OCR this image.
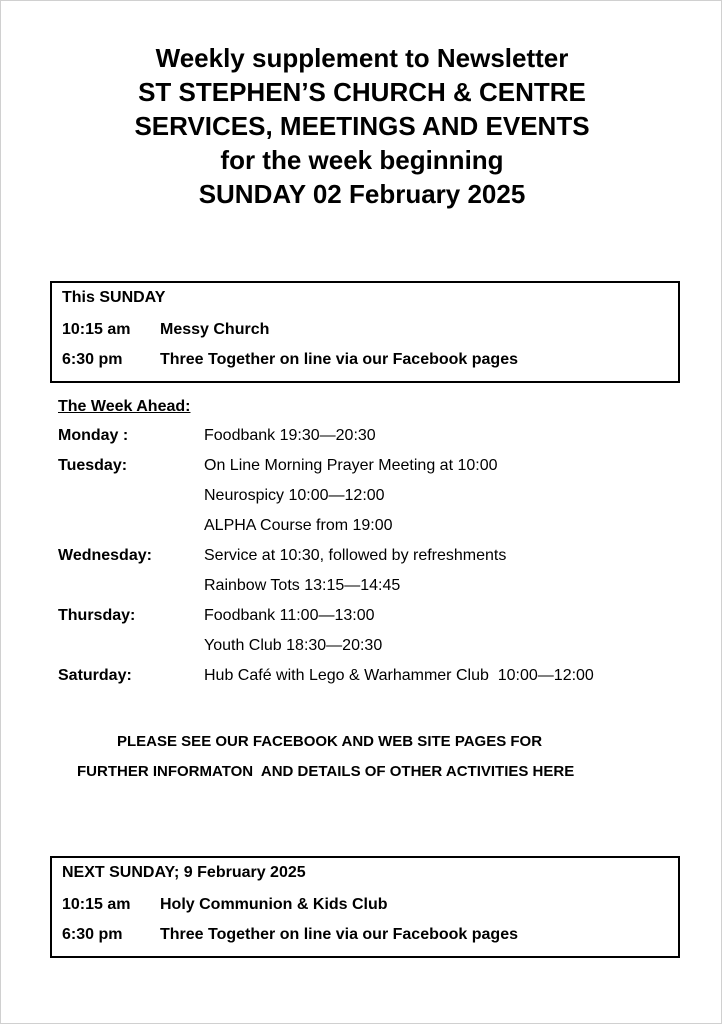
Weekly supplement to Newsletter
ST STEPHEN’S CHURCH & CENTRE
SERVICES, MEETINGS AND EVENTS
for the week beginning
SUNDAY 02 February 2025
This SUNDAY
10:15 am Messy Church
6:30 pm Three Together on line via our Facebook pages
The Week Ahead:
Monday :	Foodbank 19:30—20:30
Tuesday:	On Line Morning Prayer Meeting at 10:00
Neurospicy 10:00—12:00
ALPHA Course from 19:00
Wednesday:	Service at 10:30, followed by refreshments
Rainbow Tots 13:15—14:45
Thursday:	Foodbank 11:00—13:00
Youth Club 18:30—20:30
Saturday:	Hub Café with Lego & Warhammer Club  10:00—12:00
PLEASE SEE OUR FACEBOOK AND WEB SITE PAGES FOR
FURTHER INFORMATON  AND DETAILS OF OTHER ACTIVITIES HERE
NEXT SUNDAY; 9 February 2025
10:15 am Holy Communion & Kids Club
6:30 pm Three Together on line via our Facebook pages
